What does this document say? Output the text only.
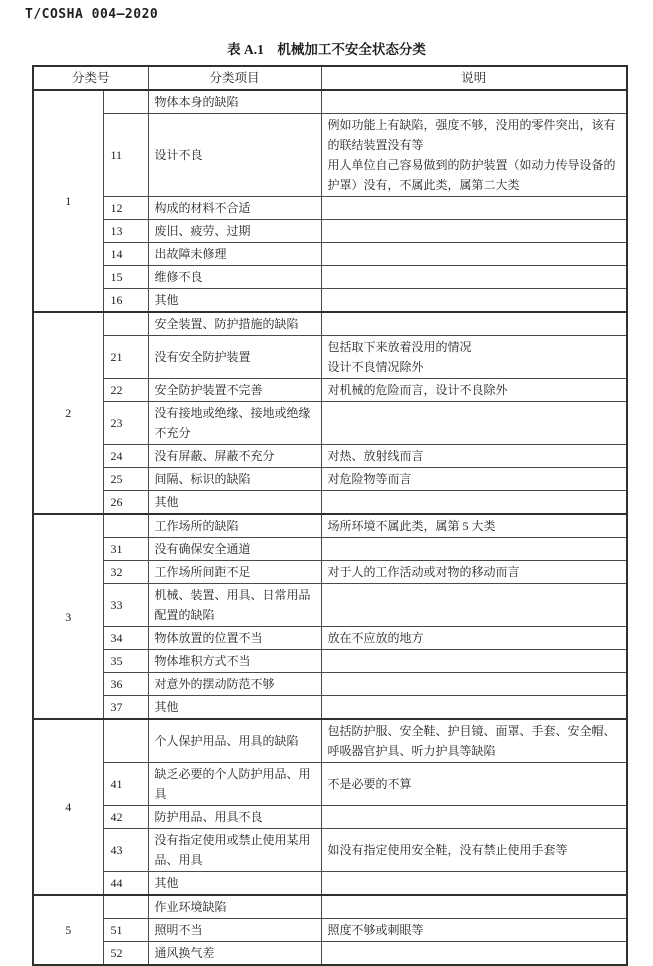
T/COSHA 004—2020
表 A.1　机械加工不安全状态分类
分类号		分类项目	说明
1		物体本身的缺陷	
	11	设计不良	例如功能上有缺陷，强度不够，没用的零件突出，该有的联结装置没有等
用人单位自己容易做到的防护装置（如动力传导设备的护罩）没有，不属此类，属第二大类

	12	构成的材料不合适	
	13	废旧、疲劳、过期	
	14	出故障未修理	
	15	维修不良	
	16	其他	
2		安全装置、防护措施的缺陷	
	21	没有安全防护装置	包括取下来放着没用的情况
设计不良情况除外

	22	安全防护装置不完善	对机械的危险而言，设计不良除外

	23	没有接地或绝缘、接地或绝缘不充分	
	24	没有屏蔽、屏蔽不充分	对热、放射线而言

	25	间隔、标识的缺陷	对危险物等而言

	26	其他	
3		工作场所的缺陷	场所环境不属此类，属第 5 大类

	31	没有确保安全通道	
	32	工作场所间距不足	对于人的工作活动或对物的移动而言

	33	机械、装置、用具、日常用品配置的缺陷	
	34	物体放置的位置不当	放在不应放的地方

	35	物体堆积方式不当	
	36	对意外的摆动防范不够	
	37	其他	
4		个人保护用品、用具的缺陷	包括防护服、安全鞋、护目镜、面罩、手套、安全帽、呼吸器官护具、听力护具等缺陷

	41	缺乏必要的个人防护用品、用具	不是必要的不算

	42	防护用品、用具不良	
	43	没有指定使用或禁止使用某用品、用具	如没有指定使用安全鞋，没有禁止使用手套等

	44	其他	
5		作业环境缺陷	
	51	照明不当	照度不够或刺眼等

	52	通风换气差	
